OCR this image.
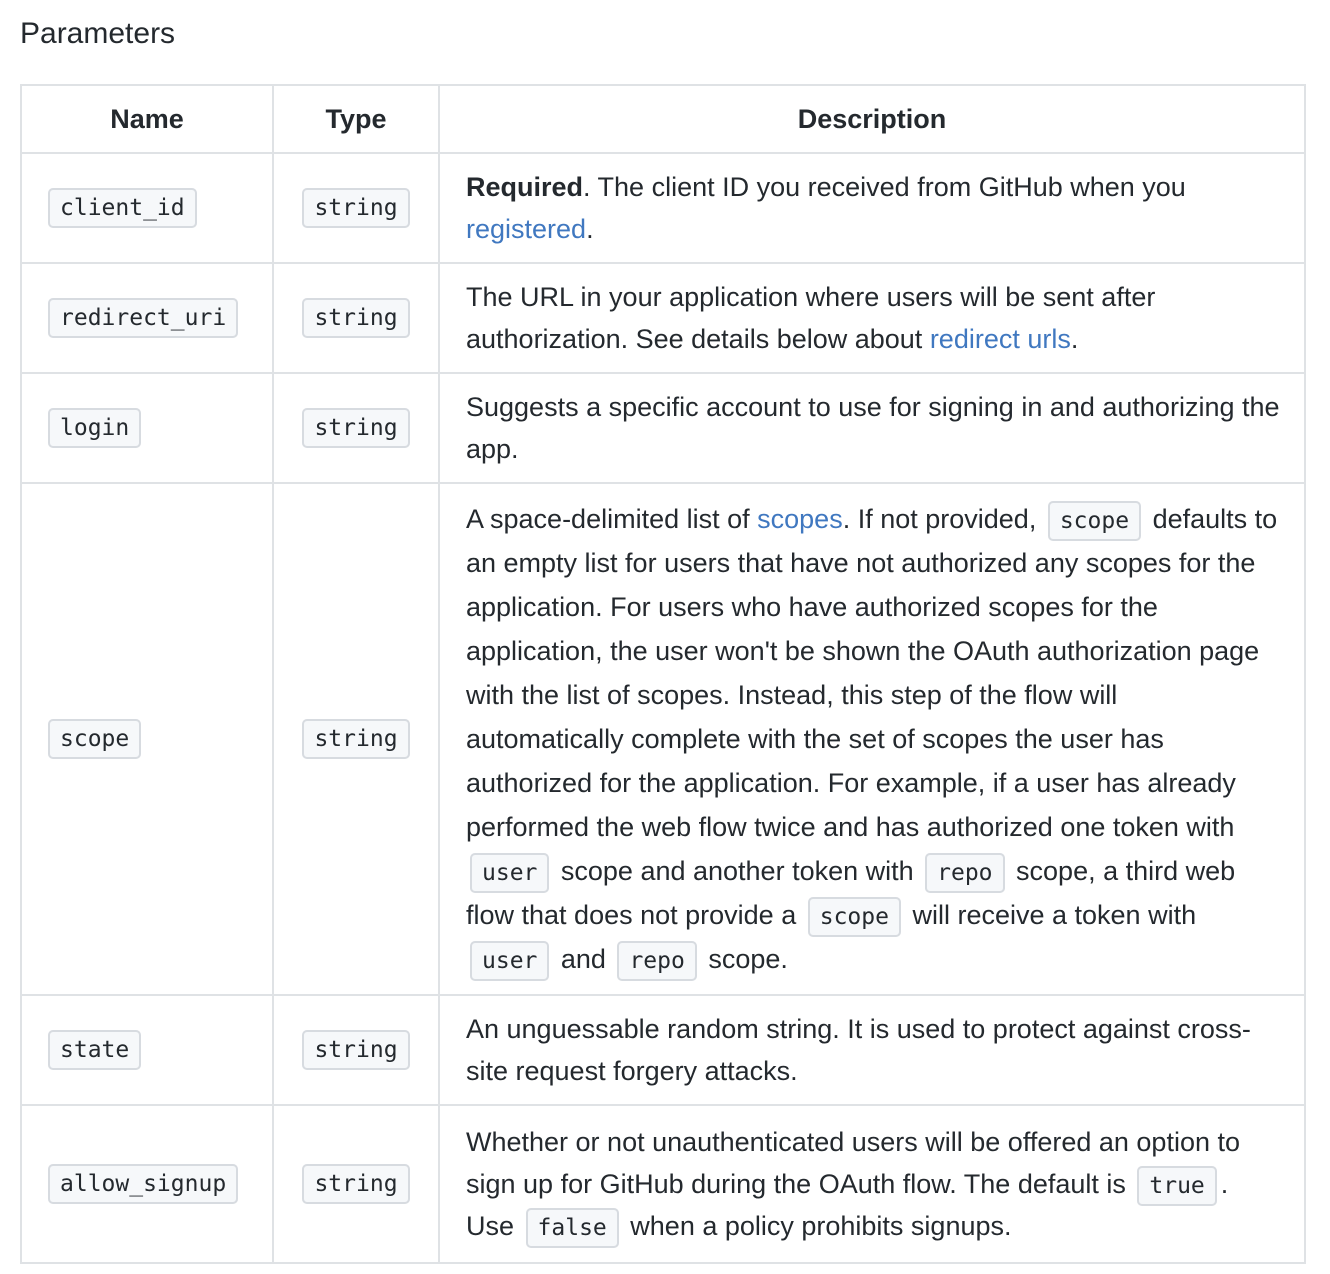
Parameters
Name	Type	Description
client_id	string	Required. The client ID you received from GitHub when you registered.
redirect_uri	string	The URL in your application where users will be sent after authorization. See details below about redirect urls.
login	string	Suggests a specific account to use for signing in and authorizing the app.
scope	string	A space-delimited list of scopes. If not provided, scope defaults to an empty list for users that have not authorized any scopes for the application. For users who have authorized scopes for the application, the user won't be shown the OAuth authorization page with the list of scopes. Instead, this step of the flow will automatically complete with the set of scopes the user has authorized for the application. For example, if a user has already performed the web flow twice and has authorized one token with user scope and another token with repo scope, a third web flow that does not provide a scope will receive a token with user and repo scope.
state	string	An unguessable random string. It is used to protect against cross-site request forgery attacks.
allow_signup	string	Whether or not unauthenticated users will be offered an option to sign up for GitHub during the OAuth flow. The default is true . Use false when a policy prohibits signups.
